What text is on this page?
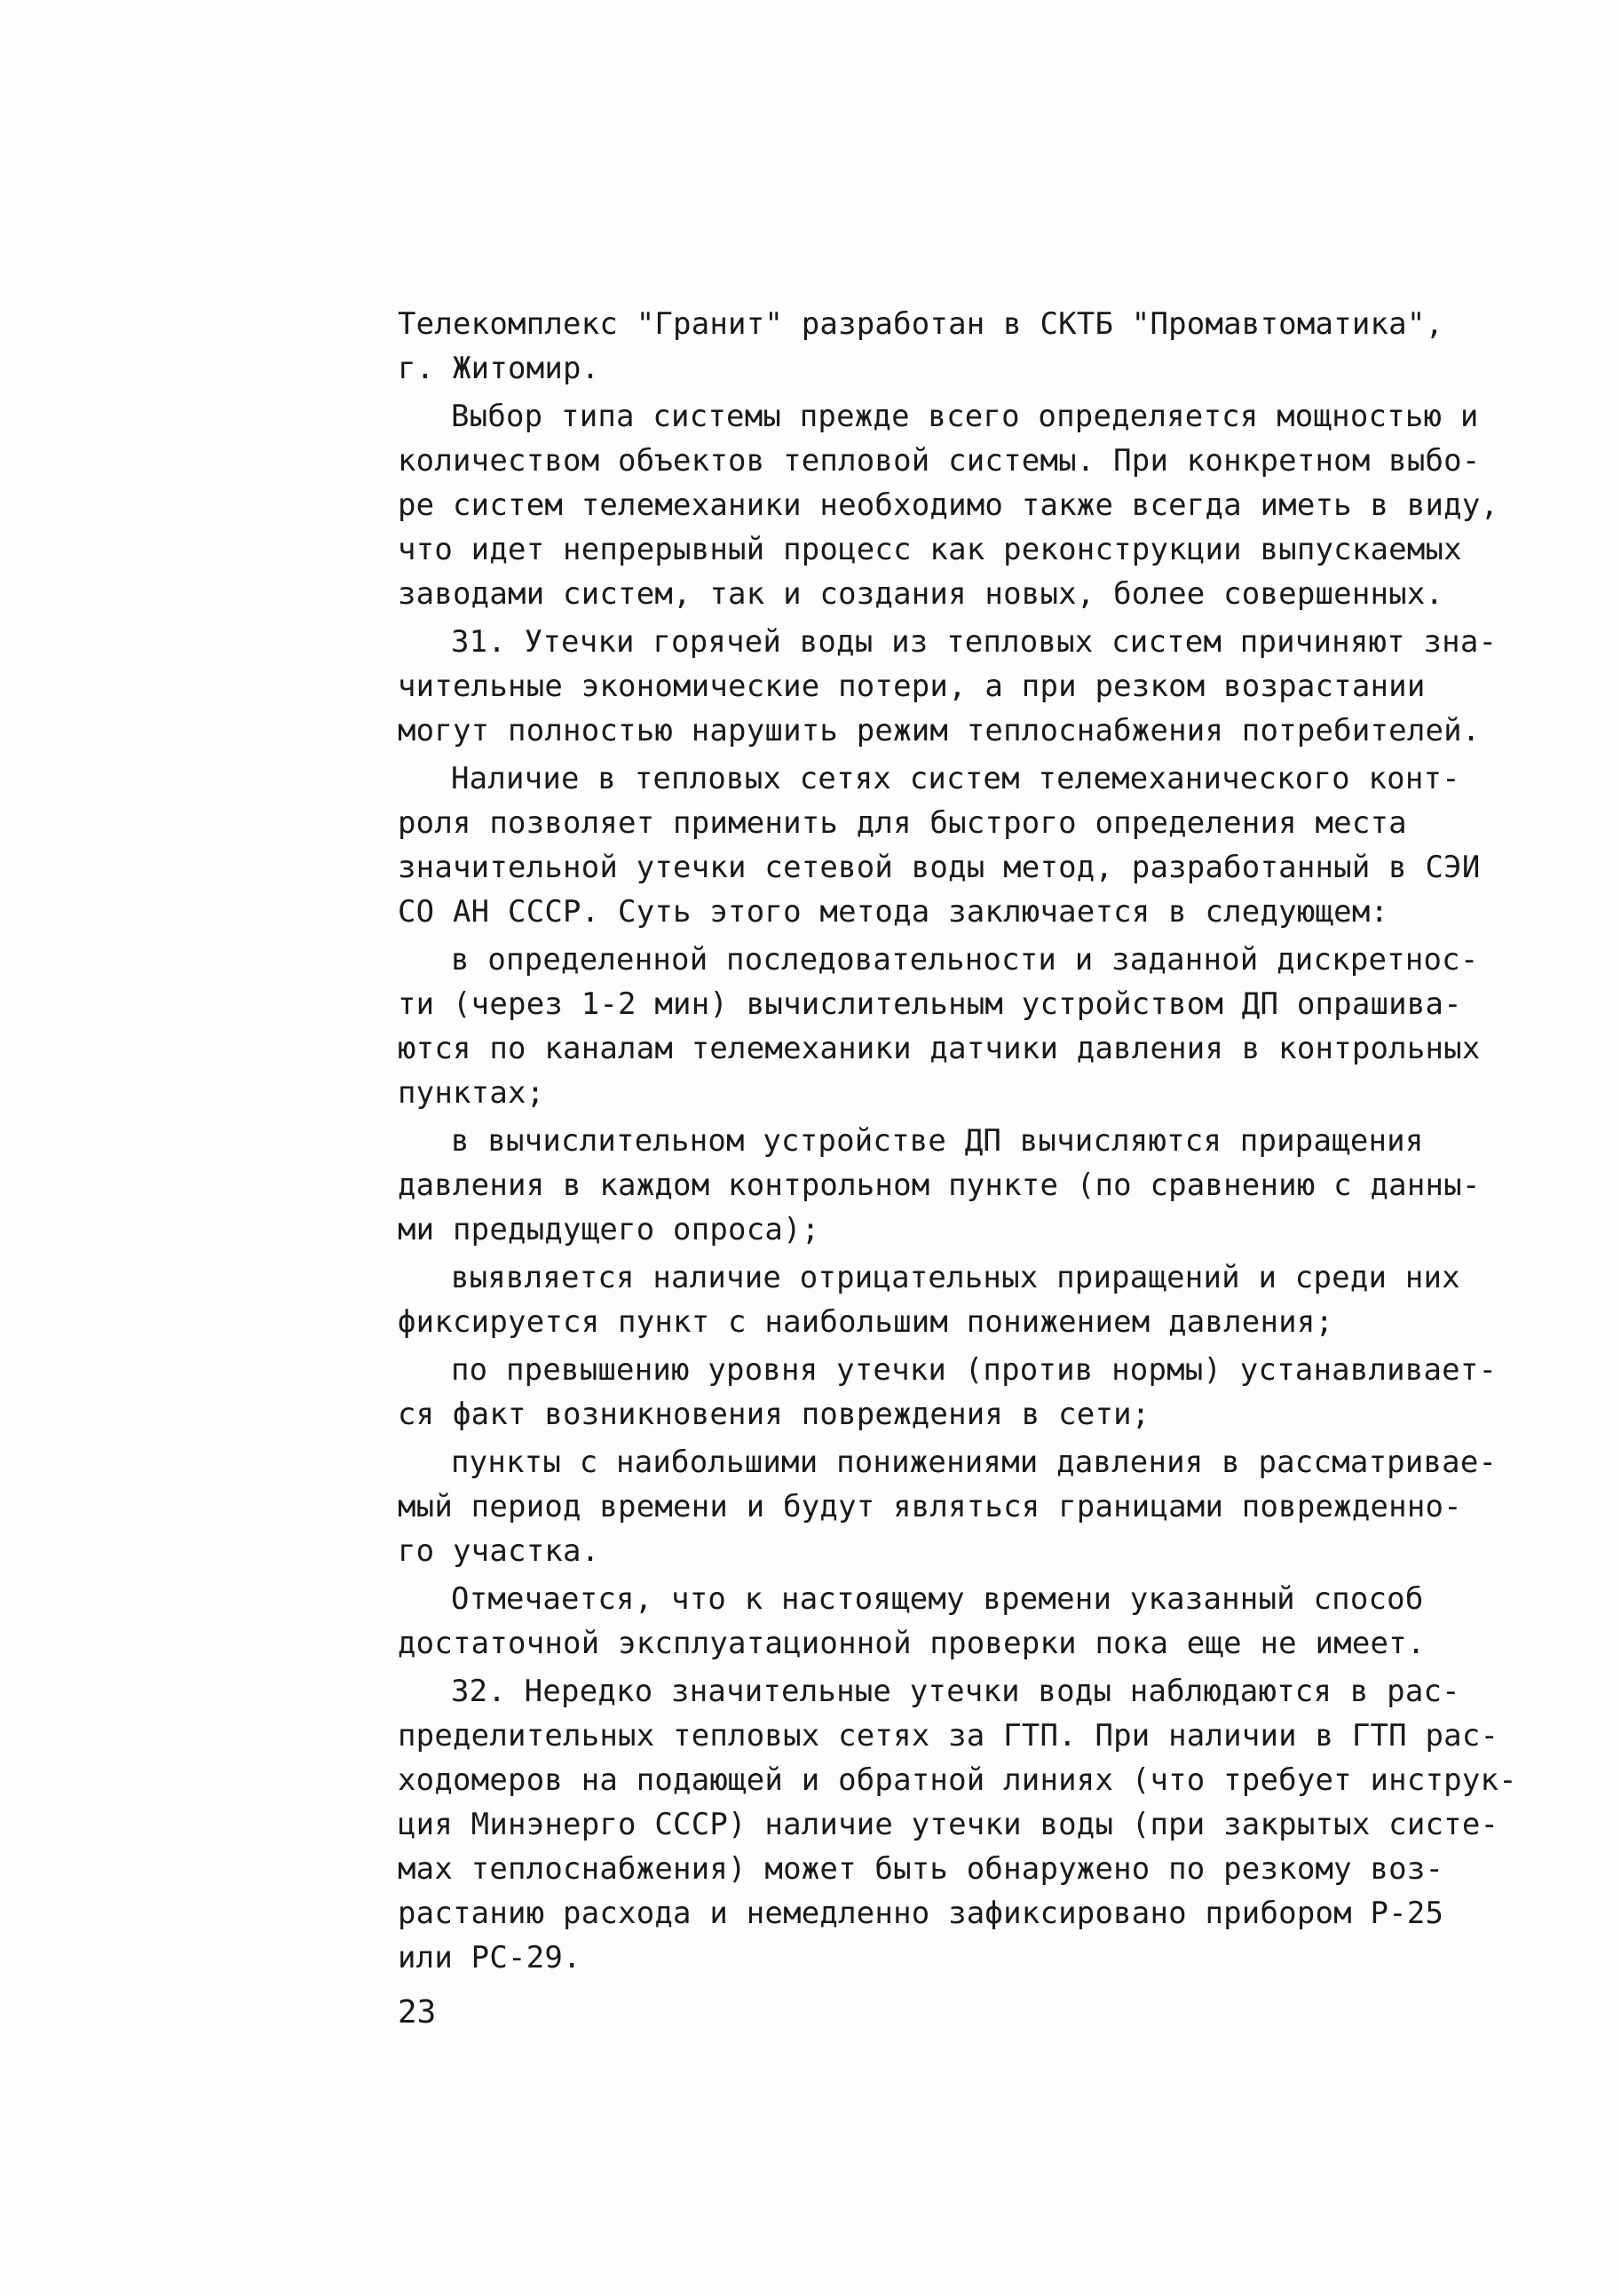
Телекомплекс "Гранит" разработан в СКТБ "Промавтоматика",
г. Житомир.
Выбор типа системы прежде всего определяется мощностью и
количеством объектов тепловой системы. При конкретном выбо-
ре систем телемеханики необходимо также всегда иметь в виду,
что идет непрерывный процесс как реконструкции выпускаемых
заводами систем, так и создания новых, более совершенных.
31. Утечки горячей воды из тепловых систем причиняют зна-
чительные экономические потери, а при резком возрастании
могут полностью нарушить режим теплоснабжения потребителей.
Наличие в тепловых сетях систем телемеханического конт-
роля позволяет применить для быстрого определения места
значительной утечки сетевой воды метод, разработанный в СЭИ
СО АН СССР. Суть этого метода заключается в следующем:
в определенной последовательности и заданной дискретнос-
ти (через 1-2 мин) вычислительным устройством ДП опрашива-
ются по каналам телемеханики датчики давления в контрольных
пунктах;
в вычислительном устройстве ДП вычисляются приращения
давления в каждом контрольном пункте (по сравнению с данны-
ми предыдущего опроса);
выявляется наличие отрицательных приращений и среди них
фиксируется пункт с наибольшим понижением давления;
по превышению уровня утечки (против нормы) устанавливает-
ся факт возникновения повреждения в сети;
пункты с наибольшими понижениями давления в рассматривае-
мый период времени и будут являться границами поврежденно-
го участка.
Отмечается, что к настоящему времени указанный способ
достаточной эксплуатационной проверки пока еще не имеет.
32. Нередко значительные утечки воды наблюдаются в рас-
пределительных тепловых сетях за ГТП. При наличии в ГТП рас-
ходомеров на подающей и обратной линиях (что требует инструк-
ция Минэнерго СССР) наличие утечки воды (при закрытых систе-
мах теплоснабжения) может быть обнаружено по резкому воз-
растанию расхода и немедленно зафиксировано прибором Р-25
или РС-29.
23
